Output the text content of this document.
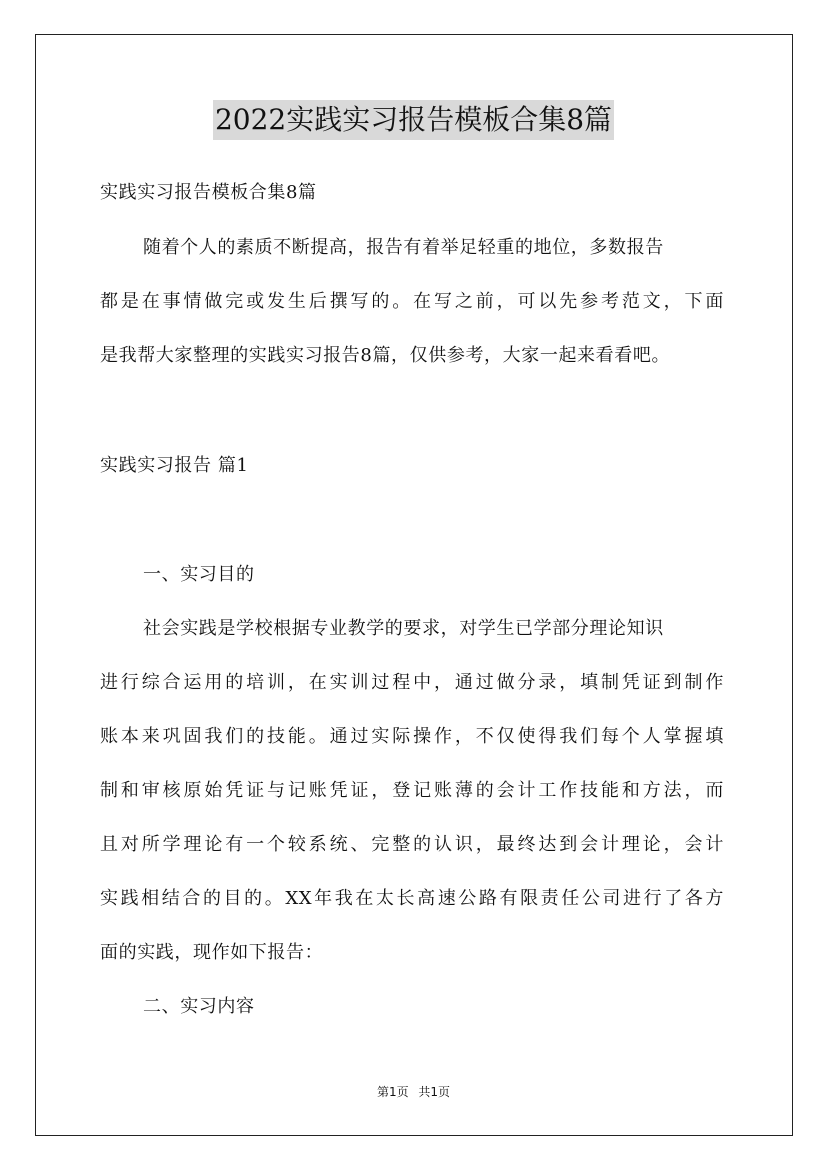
2022实践实习报告模板合集8篇
实践实习报告模板合集8篇
随着个人的素质不断提高，报告有着举足轻重的地位，多数报告
都是在事情做完或发生后撰写的。在写之前，可以先参考范文，下面
是我帮大家整理的实践实习报告8篇，仅供参考，大家一起来看看吧。
实践实习报告 篇1
一、实习目的
社会实践是学校根据专业教学的要求，对学生已学部分理论知识
进行综合运用的培训，在实训过程中，通过做分录，填制凭证到制作
账本来巩固我们的技能。通过实际操作，不仅使得我们每个人掌握填
制和审核原始凭证与记账凭证，登记账薄的会计工作技能和方法，而
且对所学理论有一个较系统、完整的认识，最终达到会计理论，会计
实践相结合的目的。XX年我在太长高速公路有限责任公司进行了各方
面的实践，现作如下报告：
二、实习内容
第1页 共1页
